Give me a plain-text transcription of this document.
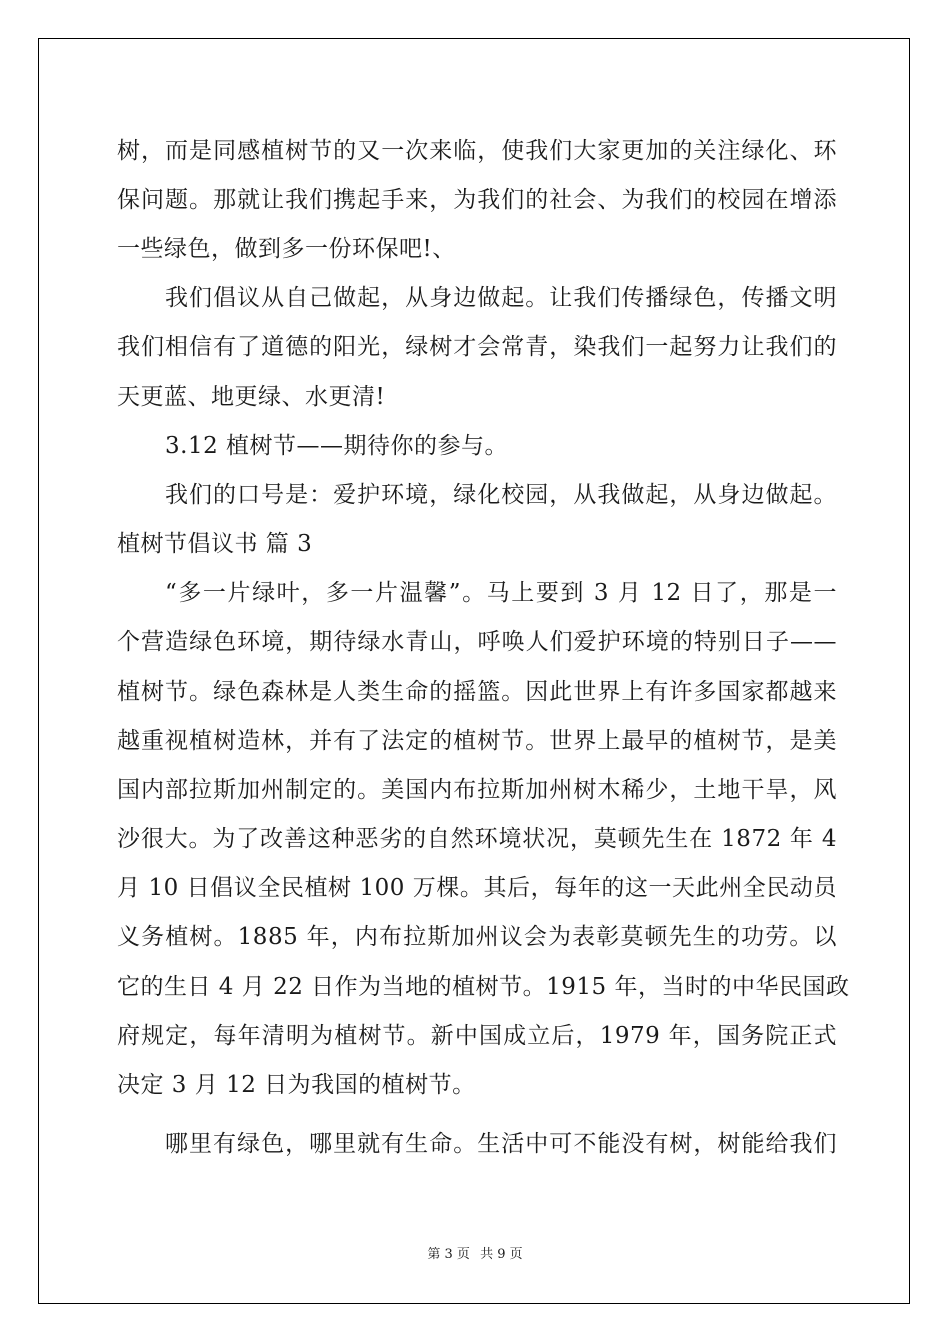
树，而是同感植树节的又一次来临，使我们大家更加的关注绿化、环
保问题。那就让我们携起手来，为我们的社会、为我们的校园在增添
一些绿色，做到多一份环保吧!、
我们倡议从自己做起，从身边做起。让我们传播绿色，传播文明
我们相信有了道德的阳光，绿树才会常青，染我们一起努力让我们的
天更蓝、地更绿、水更清!
3.12 植树节——期待你的参与。
我们的口号是：爱护环境，绿化校园，从我做起，从身边做起。
植树节倡议书 篇 3
“多一片绿叶，多一片温馨”。马上要到 3 月 12 日了，那是一
个营造绿色环境，期待绿水青山，呼唤人们爱护环境的特别日子——
植树节。绿色森林是人类生命的摇篮。因此世界上有许多国家都越来
越重视植树造林，并有了法定的植树节。世界上最早的植树节，是美
国内部拉斯加州制定的。美国内布拉斯加州树木稀少，土地干旱，风
沙很大。为了改善这种恶劣的自然环境状况，莫顿先生在 1872 年 4
月 10 日倡议全民植树 100 万棵。其后，每年的这一天此州全民动员
义务植树。1885 年，内布拉斯加州议会为表彰莫顿先生的功劳。以
它的生日 4 月 22 日作为当地的植树节。1915 年，当时的中华民国政
府规定，每年清明为植树节。新中国成立后，1979 年，国务院正式
决定 3 月 12 日为我国的植树节。
哪里有绿色，哪里就有生命。生活中可不能没有树，树能给我们
第 3 页 共 9 页
